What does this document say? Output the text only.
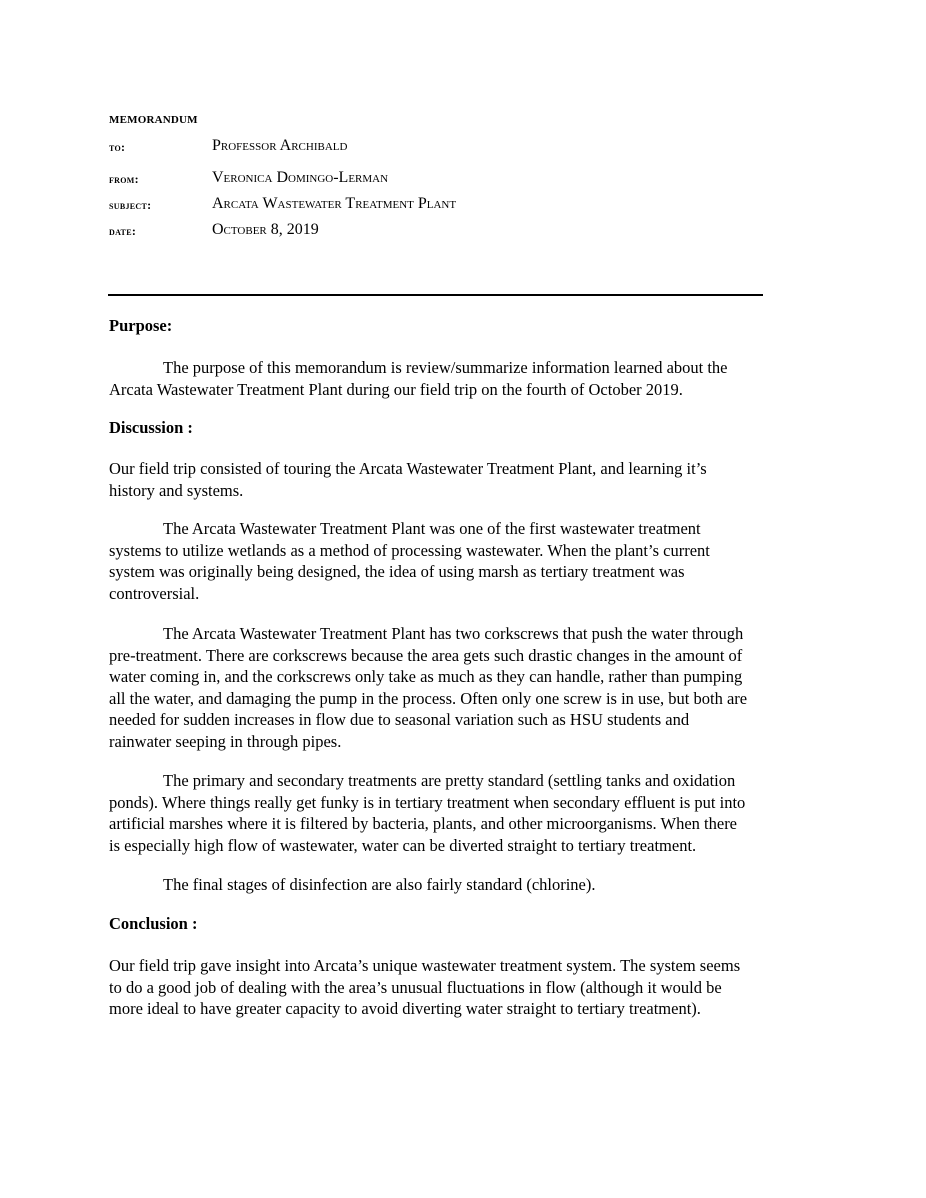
MEMORANDUM
to:	Professor Archibald
from:	Veronica Domingo-Lerman
subject:	Arcata Wastewater Treatment Plant
date:	October 8, 2019
Purpose:
The purpose of this memorandum is review/summarize information learned about the
Arcata Wastewater Treatment Plant during our field trip on the fourth of October 2019.
Discussion :
Our field trip consisted of touring the Arcata Wastewater Treatment Plant, and learning it’s
history and systems.
The Arcata Wastewater Treatment Plant was one of the first wastewater treatment
systems to utilize wetlands as a method of processing wastewater. When the plant’s current
system was originally being designed, the idea of using marsh as tertiary treatment was
controversial.
The Arcata Wastewater Treatment Plant has two corkscrews that push the water through
pre-treatment. There are corkscrews because the area gets such drastic changes in the amount of
water coming in, and the corkscrews only take as much as they can handle, rather than pumping
all the water, and damaging the pump in the process. Often only one screw is in use, but both are
needed for sudden increases in flow due to seasonal variation such as HSU students and
rainwater seeping in through pipes.
The primary and secondary treatments are pretty standard (settling tanks and oxidation
ponds). Where things really get funky is in tertiary treatment when secondary effluent is put into
artificial marshes where it is filtered by bacteria, plants, and other microorganisms. When there
is especially high flow of wastewater, water can be diverted straight to tertiary treatment.
The final stages of disinfection are also fairly standard (chlorine).
Conclusion :
Our field trip gave insight into Arcata’s unique wastewater treatment system. The system seems
to do a good job of dealing with the area’s unusual fluctuations in flow (although it would be
more ideal to have greater capacity to avoid diverting water straight to tertiary treatment).
